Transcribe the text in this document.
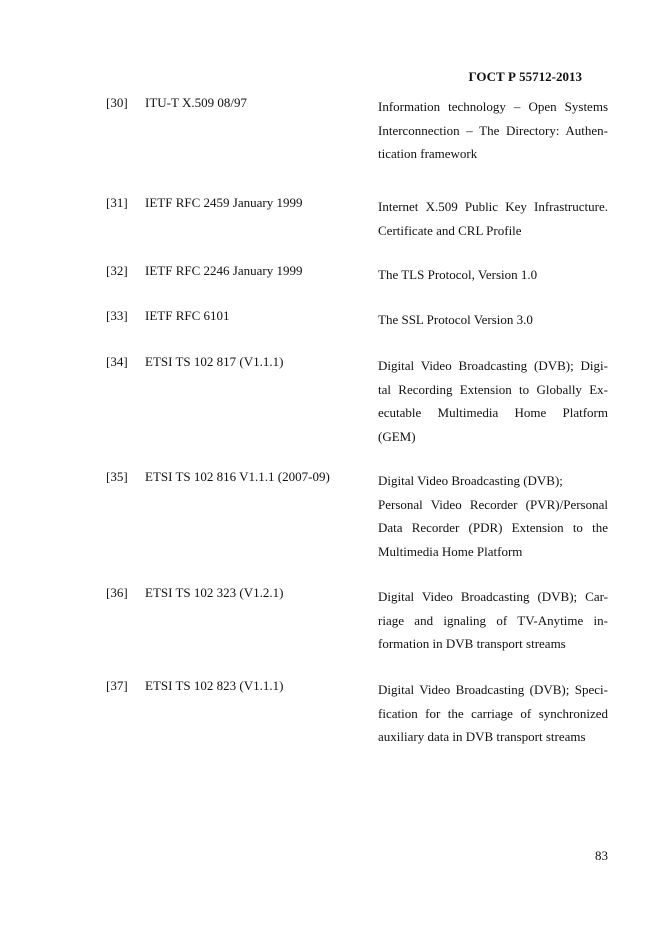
ГОСТ Р 55712-2013
[30] ITU-T X.509 08/97	Information technology – Open Systems
Interconnection – The Directory: Authen-
tication framework
[31] IETF RFC 2459 January 1999	Internet X.509 Public Key Infrastructure.
Certificate and CRL Profile
[32] IETF RFC 2246 January 1999	The TLS Protocol, Version 1.0
[33] IETF RFC 6101	The SSL Protocol Version 3.0
[34] ETSI TS 102 817 (V1.1.1)	Digital Video Broadcasting (DVB); Digi-
tal Recording Extension to Globally Ex-
ecutable Multimedia Home Platform
(GEM)
[35] ETSI TS 102 816 V1.1.1 (2007-09)	Digital Video Broadcasting (DVB);
Personal Video Recorder (PVR)/Personal
Data Recorder (PDR) Extension to the
Multimedia Home Platform
[36] ETSI TS 102 323 (V1.2.1)	Digital Video Broadcasting (DVB); Car-
riage and ignaling of TV-Anytime in-
formation in DVB transport streams
[37] ETSI TS 102 823 (V1.1.1)	Digital Video Broadcasting (DVB); Speci-
fication for the carriage of synchronized
auxiliary data in DVB transport streams
83
